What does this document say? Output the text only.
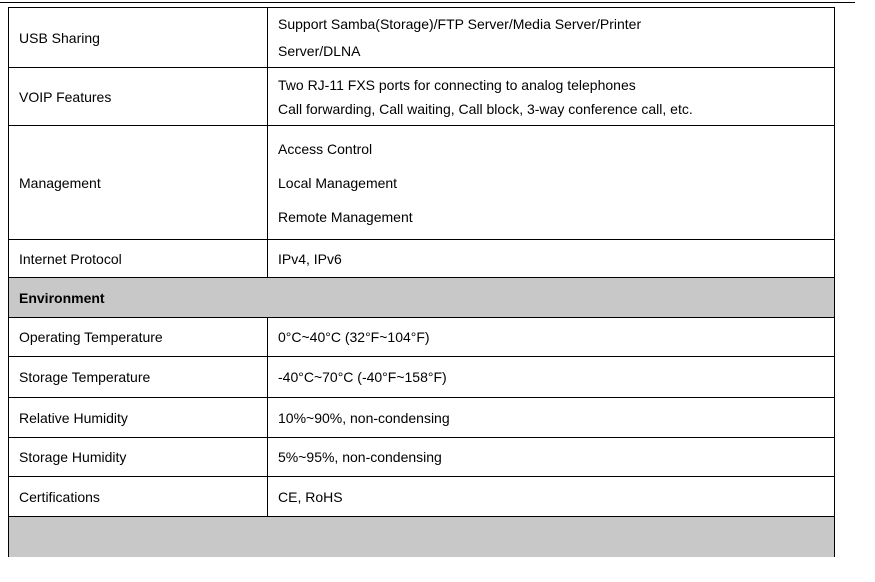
USB Sharing	Support Samba(Storage)/FTP Server/Media Server/Printer
Server/DLNA

VOIP Features	Two RJ-11 FXS ports for connecting to analog telephones
Call forwarding, Call waiting, Call block, 3-way conference call, etc.

Management	Access Control
Local Management
Remote Management

Internet Protocol	IPv4, IPv6
Environment	
Operating Temperature	0°C~40°C (32°F~104°F)
Storage Temperature	-40°C~70°C (-40°F~158°F)
Relative Humidity	10%~90%, non-condensing
Storage Humidity	5%~95%, non-condensing
Certifications	CE, RoHS
